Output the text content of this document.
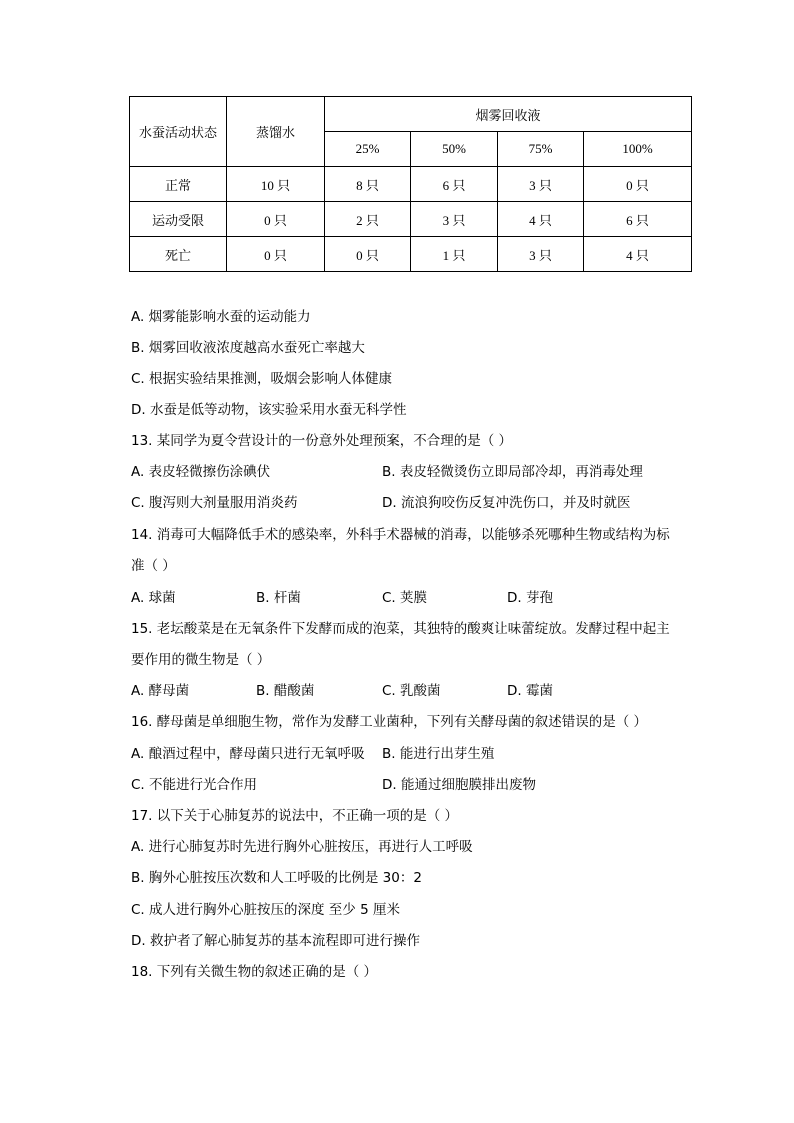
水蚕活动状态	蒸馏水	烟雾回收液			
		25%	50%	75%	100%
正常	10 只	8 只	6 只	3 只	0 只
运动受限	0 只	2 只	3 只	4 只	6 只
死亡	0 只	0 只	1 只	3 只	4 只
A. 烟雾能影响水蚕的运动能力
B. 烟雾回收液浓度越高水蚕死亡率越大
C. 根据实验结果推测，吸烟会影响人体健康
D. 水蚕是低等动物，该实验采用水蚕无科学性
13. 某同学为夏令营设计的一份意外处理预案，不合理的是（ ）
A. 表皮轻微擦伤涂碘伏	B. 表皮轻微烫伤立即局部冷却，再消毒处理
C. 腹泻则大剂量服用消炎药	D. 流浪狗咬伤反复冲洗伤口，并及时就医
14. 消毒可大幅降低手术的感染率，外科手术器械的消毒，以能够杀死哪种生物或结构为标
准（ ）
A. 球菌	B. 杆菌	C. 荚膜	D. 芽孢
15. 老坛酸菜是在无氧条件下发酵而成的泡菜，其独特的酸爽让味蕾绽放。发酵过程中起主
要作用的微生物是（ ）
A. 酵母菌	B. 醋酸菌	C. 乳酸菌	D. 霉菌
16. 酵母菌是单细胞生物，常作为发酵工业菌种，下列有关酵母菌的叙述错误的是（ ）
A. 酿酒过程中，酵母菌只进行无氧呼吸 B. 能进行出芽生殖
C. 不能进行光合作用	D. 能通过细胞膜排出废物
17. 以下关于心肺复苏的说法中，不正确一项的是（ ）
A. 进行心肺复苏时先进行胸外心脏按压，再进行人工呼吸
B. 胸外心脏按压次数和人工呼吸的比例是 30：2
C. 成人进行胸外心脏按压的深度 至少 5 厘米
D. 救护者了解心肺复苏的基本流程即可进行操作
18. 下列有关微生物的叙述正确的是（ ）
